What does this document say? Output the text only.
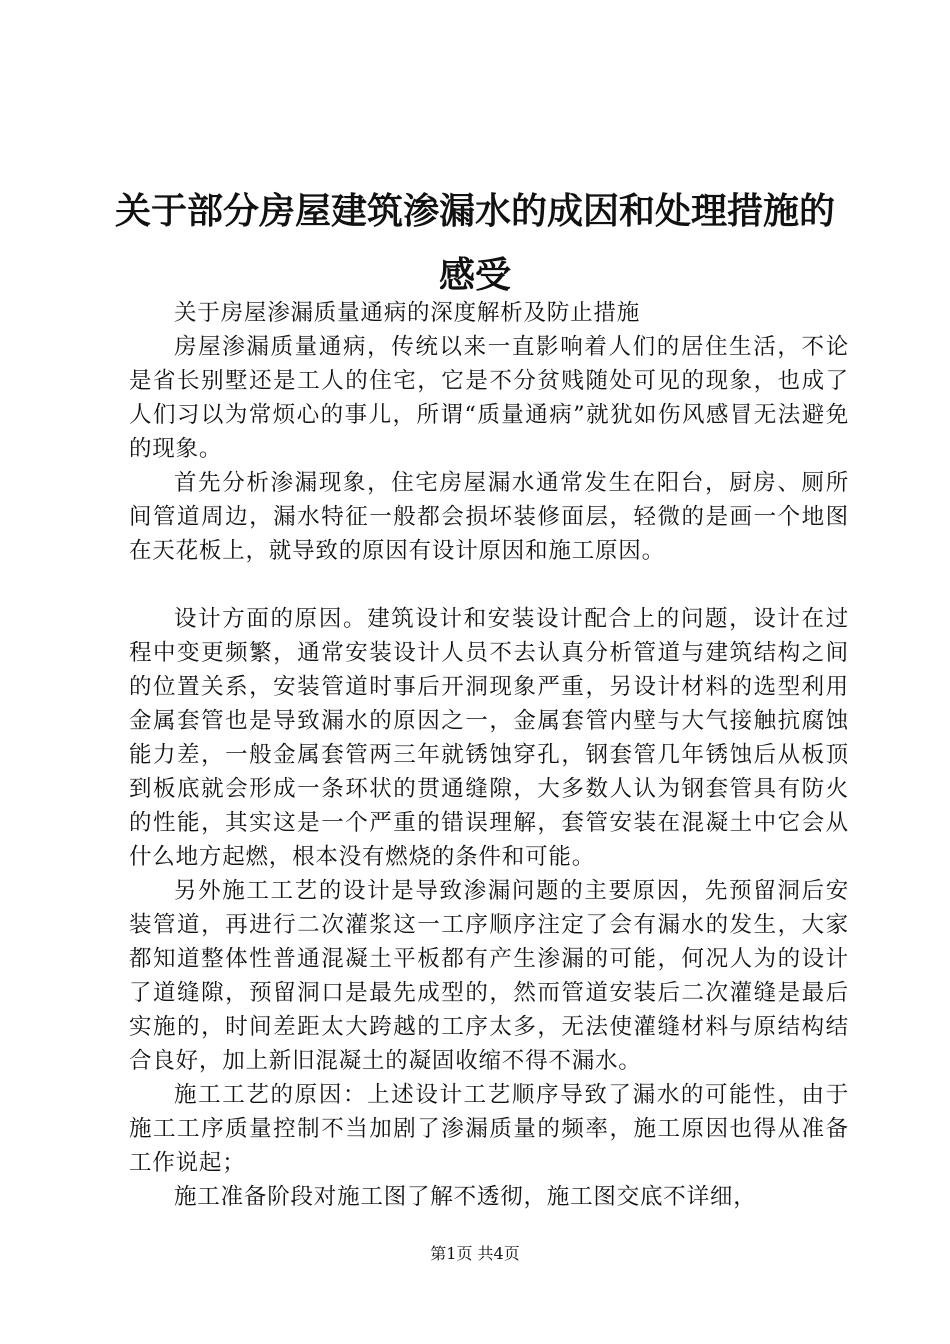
关于部分房屋建筑渗漏水的成因和处理措施的
感受

关于房屋渗漏质量通病的深度解析及防止措施

房屋渗漏质量通病，传统以来一直影响着人们的居住生活，不论是省长别墅还是工人的住宅，它是不分贫贱随处可见的现象，也成了人们习以为常烦心的事儿，所谓“质量通病”就犹如伤风感冒无法避免的现象。

首先分析渗漏现象，住宅房屋漏水通常发生在阳台，厨房、厕所间管道周边，漏水特征一般都会损坏装修面层，轻微的是画一个地图在天花板上，就导致的原因有设计原因和施工原因。

设计方面的原因。建筑设计和安装设计配合上的问题，设计在过程中变更频繁，通常安装设计人员不去认真分析管道与建筑结构之间的位置关系，安装管道时事后开洞现象严重，另设计材料的选型利用金属套管也是导致漏水的原因之一，金属套管内壁与大气接触抗腐蚀能力差，一般金属套管两三年就锈蚀穿孔，钢套管几年锈蚀后从板顶到板底就会形成一条环状的贯通缝隙，大多数人认为钢套管具有防火的性能，其实这是一个严重的错误理解，套管安装在混凝土中它会从什么地方起燃，根本没有燃烧的条件和可能。

另外施工工艺的设计是导致渗漏问题的主要原因，先预留洞后安装管道，再进行二次灌浆这一工序顺序注定了会有漏水的发生，大家都知道整体性普通混凝土平板都有产生渗漏的可能，何况人为的设计了道缝隙，预留洞口是最先成型的，然而管道安装后二次灌缝是最后实施的，时间差距太大跨越的工序太多，无法使灌缝材料与原结构结合良好，加上新旧混凝土的凝固收缩不得不漏水。

施工工艺的原因：上述设计工艺顺序导致了漏水的可能性，由于施工工序质量控制不当加剧了渗漏质量的频率，施工原因也得从准备工作说起；

施工准备阶段对施工图了解不透彻，施工图交底不详细，

第1页 共4页
